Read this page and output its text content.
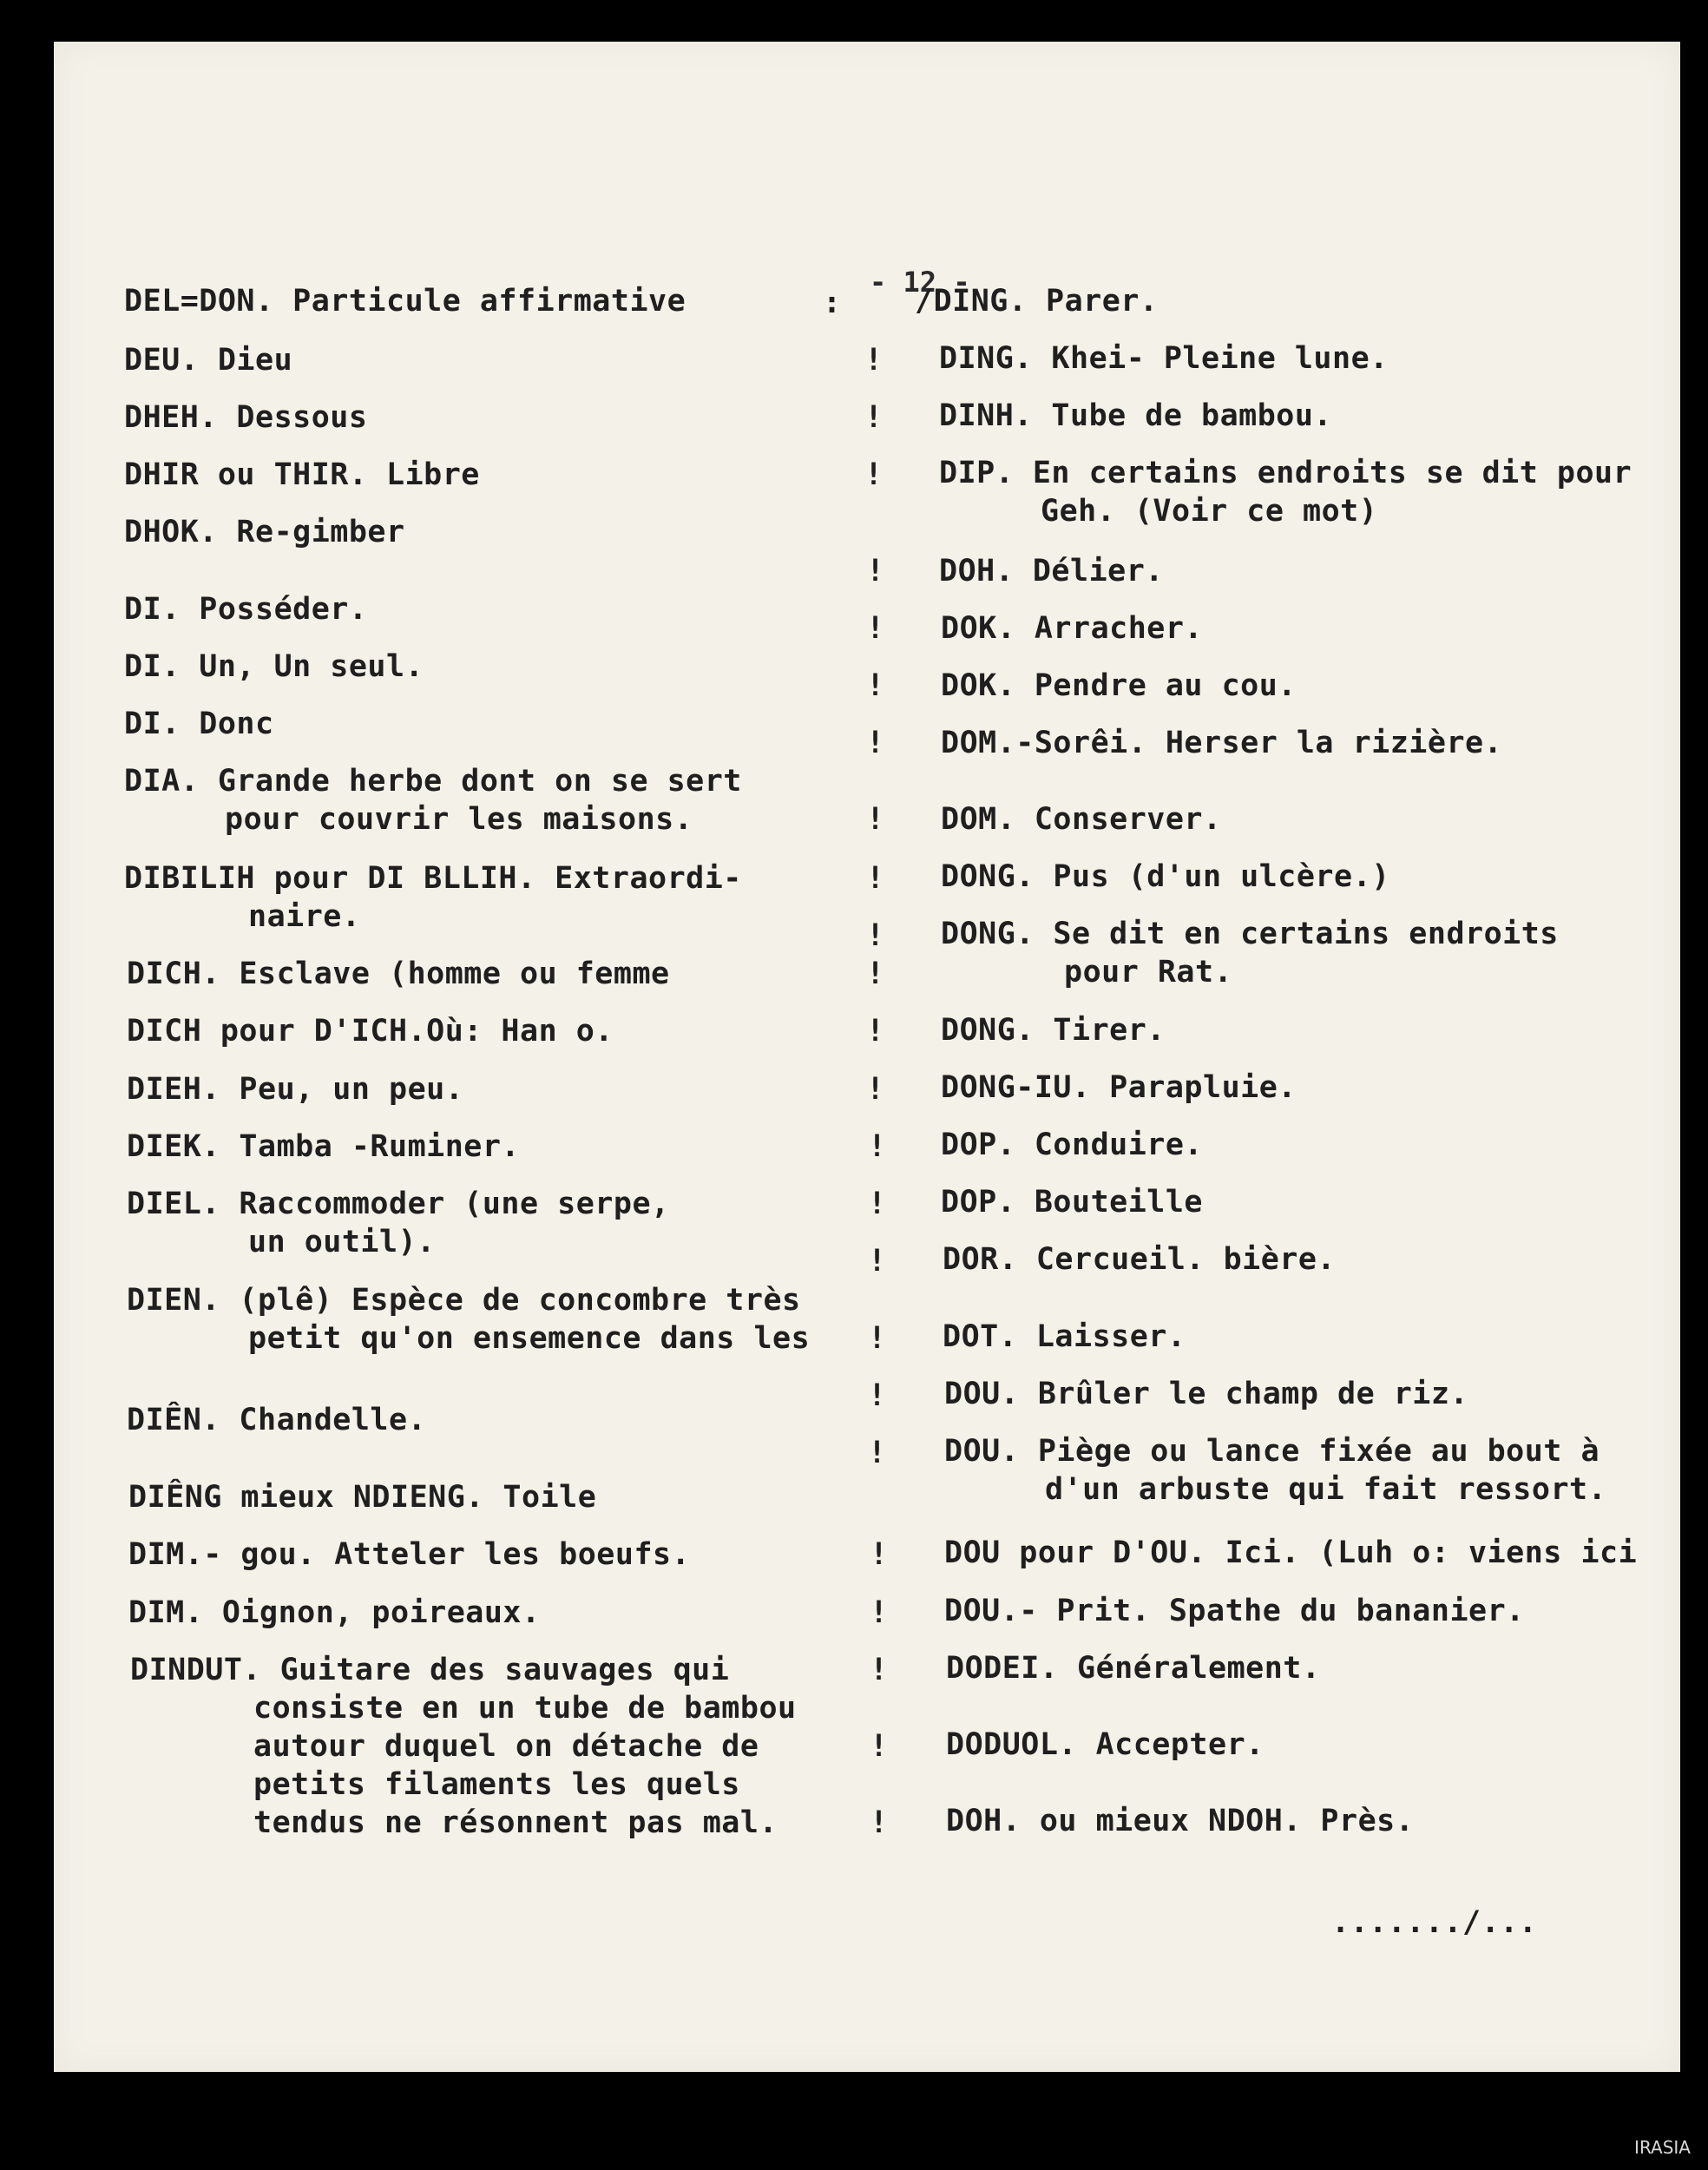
- 12 -
DEL=DON. Particule affirmative
DEU. Dieu
DHEH. Dessous
DHIR ou THIR. Libre
DHOK. Re-gimber
DI. Posséder.
DI. Un, Un seul.
DI. Donc
DIA. Grande herbe dont on se sert
pour couvrir les maisons.
DIBILIH pour DI BLLIH. Extraordi-
naire.
DICH. Esclave (homme ou femme
DICH pour D'ICH.Où: Han o.
DIEH. Peu, un peu.
DIEK. Tamba -Ruminer.
DIEL. Raccommoder (une serpe,
un outil).
DIEN. (plê) Espèce de concombre très
petit qu'on ensemence dans les
DIÊN. Chandelle.
DIÊNG mieux NDIENG. Toile
DIM.- gou. Atteler les boeufs.
DIM. Oignon, poireaux.
DINDUT. Guitare des sauvages qui
consiste en un tube de bambou
autour duquel on détache de
petits filaments les quels
tendus ne résonnent pas mal.
:
!
!
!
!
!
!
!
!
!
!
!
!
!
!
!
!
!
!
!
!
!
!
!
!
/DING. Parer.
DING. Khei- Pleine lune.
DINH. Tube de bambou.
DIP. En certains endroits se dit pour
Geh. (Voir ce mot)
DOH. Délier.
DOK. Arracher.
DOK. Pendre au cou.
DOM.-Sorêi. Herser la rizière.
DOM. Conserver.
DONG. Pus (d'un ulcère.)
DONG. Se dit en certains endroits
pour Rat.
DONG. Tirer.
DONG-IU. Parapluie.
DOP. Conduire.
DOP. Bouteille
DOR. Cercueil. bière.
DOT. Laisser.
DOU. Brûler le champ de riz.
DOU. Piège ou lance fixée au bout à
d'un arbuste qui fait ressort.
DOU pour D'OU. Ici. (Luh o: viens ici
DOU.- Prit. Spathe du bananier.
DODEI. Généralement.
DODUOL. Accepter.
DOH. ou mieux NDOH. Près.
......./...
IRASIA
